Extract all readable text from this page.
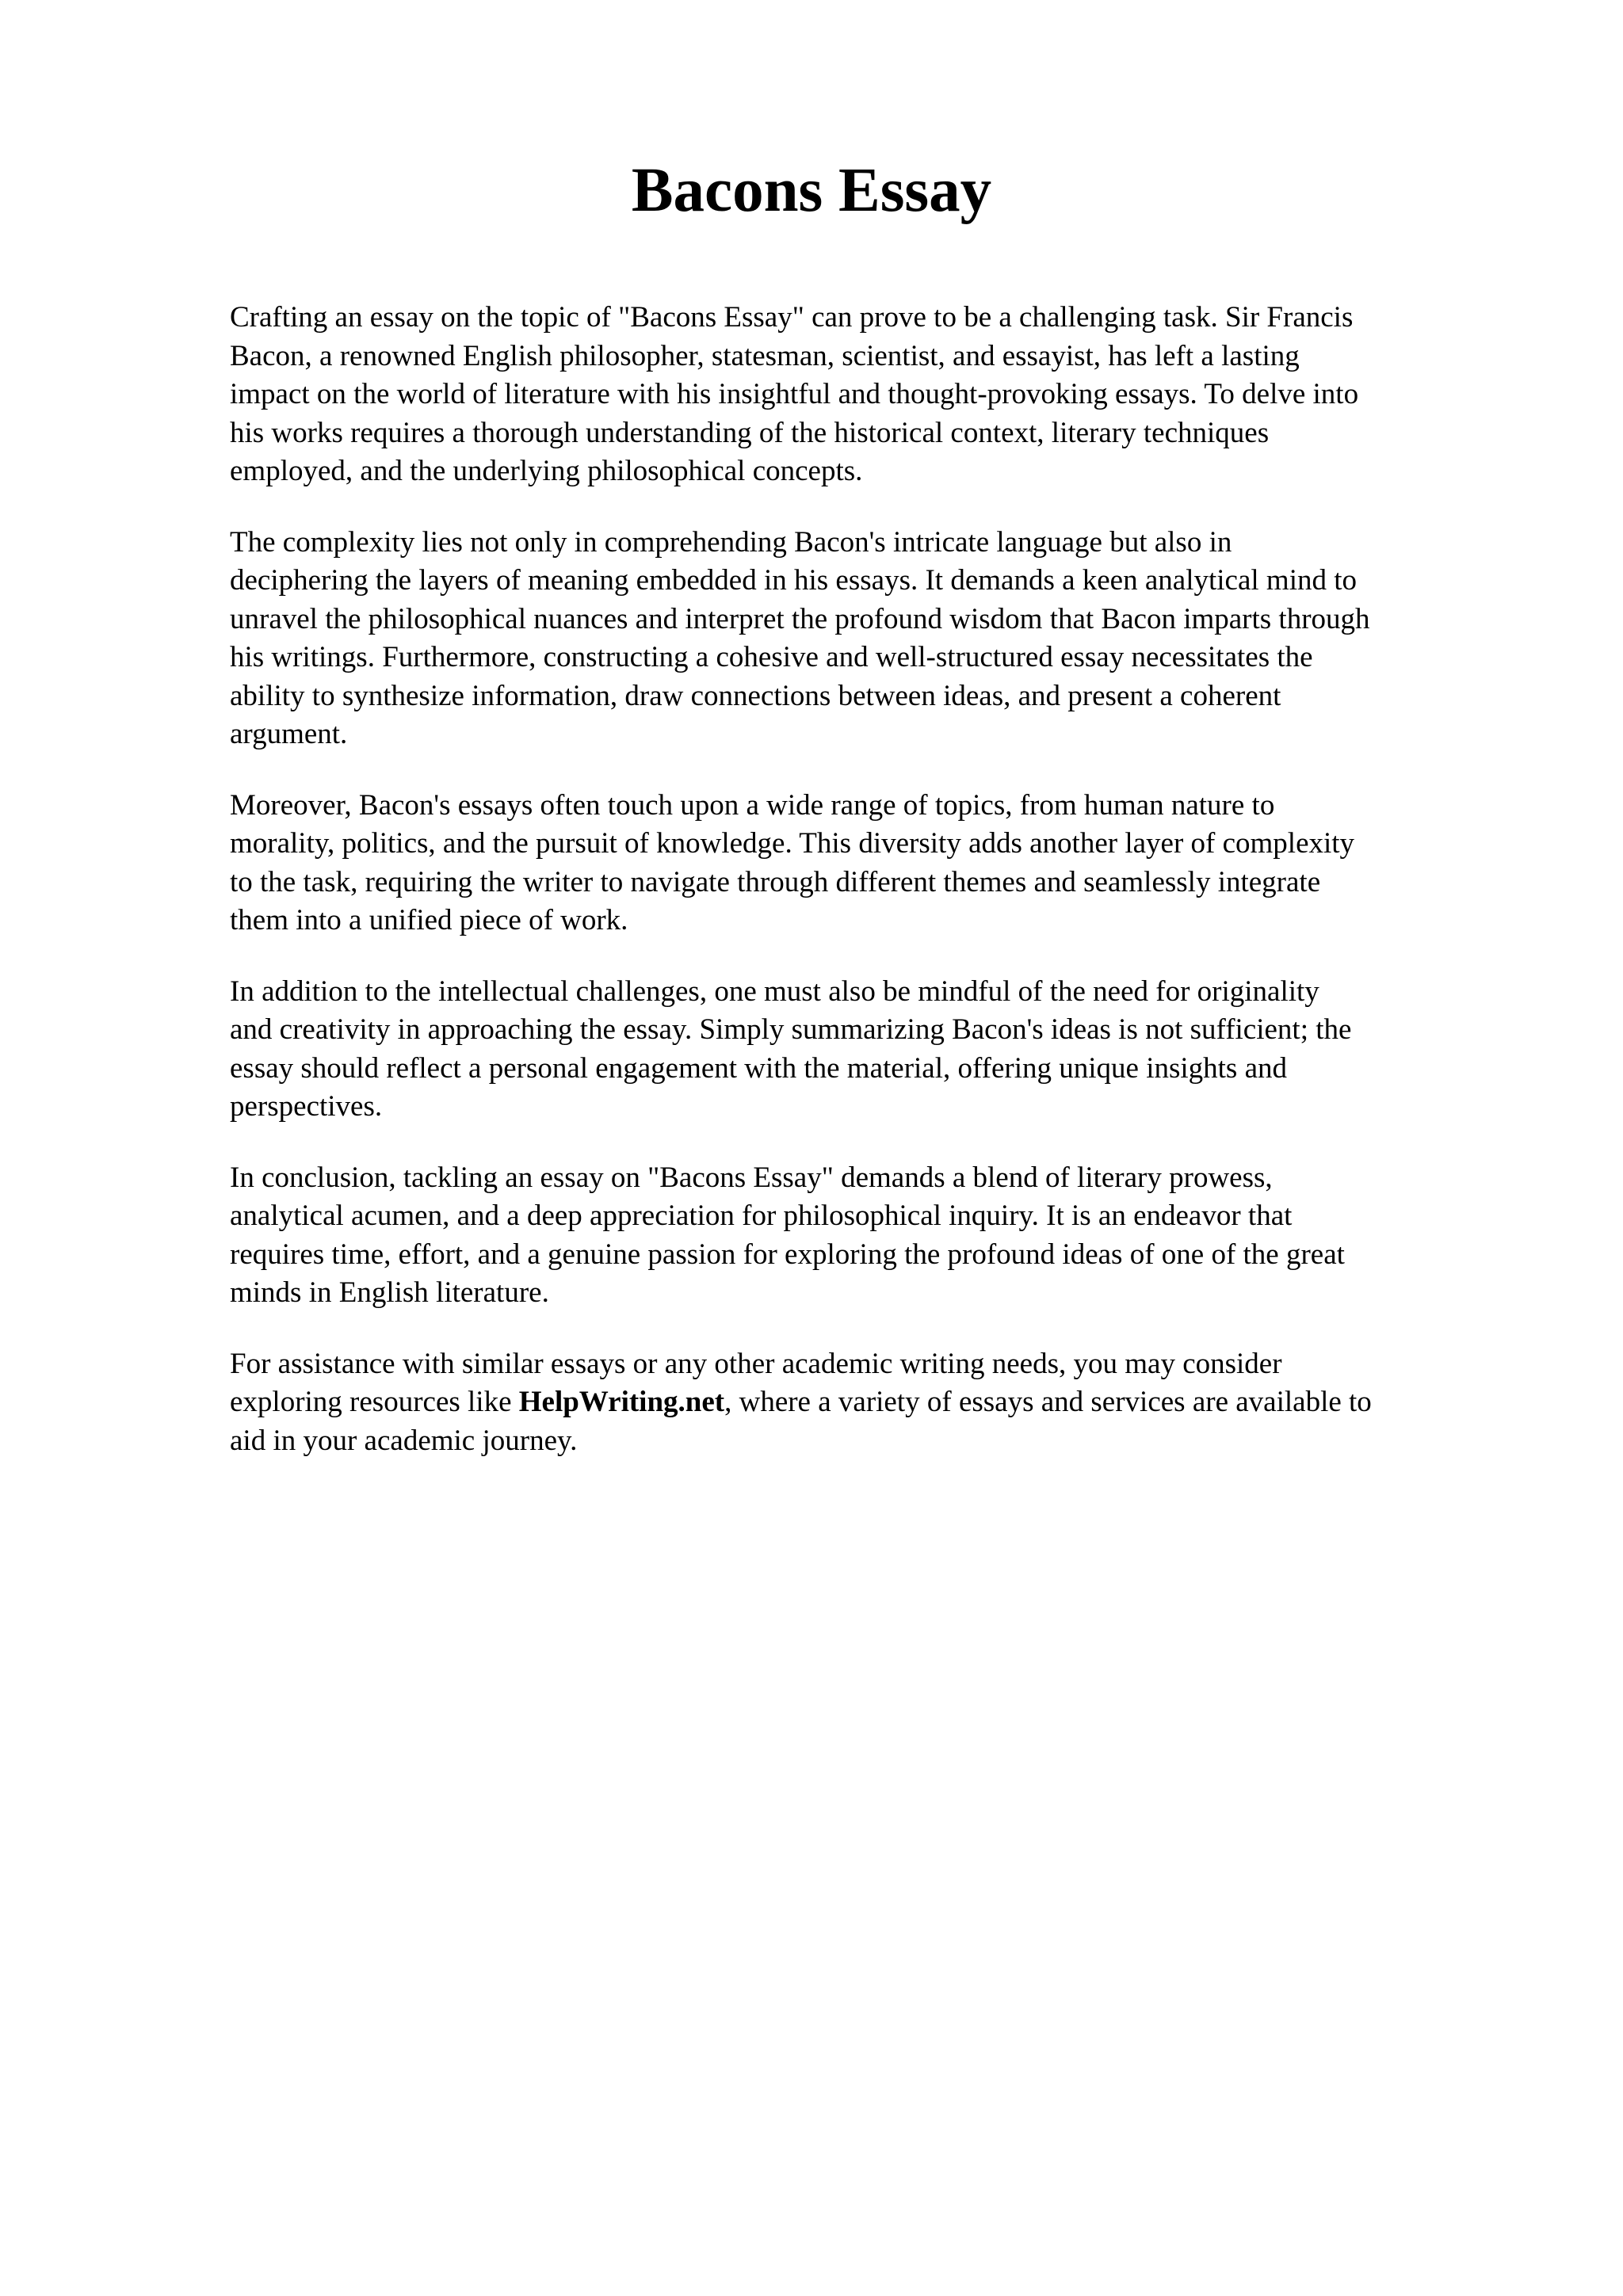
Bacons Essay

Crafting an essay on the topic of "Bacons Essay" can prove to be a challenging task. Sir Francis
Bacon, a renowned English philosopher, statesman, scientist, and essayist, has left a lasting
impact on the world of literature with his insightful and thought-provoking essays. To delve into
his works requires a thorough understanding of the historical context, literary techniques
employed, and the underlying philosophical concepts.

The complexity lies not only in comprehending Bacon's intricate language but also in
deciphering the layers of meaning embedded in his essays. It demands a keen analytical mind to
unravel the philosophical nuances and interpret the profound wisdom that Bacon imparts through
his writings. Furthermore, constructing a cohesive and well-structured essay necessitates the
ability to synthesize information, draw connections between ideas, and present a coherent
argument.

Moreover, Bacon's essays often touch upon a wide range of topics, from human nature to
morality, politics, and the pursuit of knowledge. This diversity adds another layer of complexity
to the task, requiring the writer to navigate through different themes and seamlessly integrate
them into a unified piece of work.

In addition to the intellectual challenges, one must also be mindful of the need for originality
and creativity in approaching the essay. Simply summarizing Bacon's ideas is not sufficient; the
essay should reflect a personal engagement with the material, offering unique insights and
perspectives.

In conclusion, tackling an essay on "Bacons Essay" demands a blend of literary prowess,
analytical acumen, and a deep appreciation for philosophical inquiry. It is an endeavor that
requires time, effort, and a genuine passion for exploring the profound ideas of one of the great
minds in English literature.

For assistance with similar essays or any other academic writing needs, you may consider
exploring resources like HelpWriting.net, where a variety of essays and services are available to
aid in your academic journey.
